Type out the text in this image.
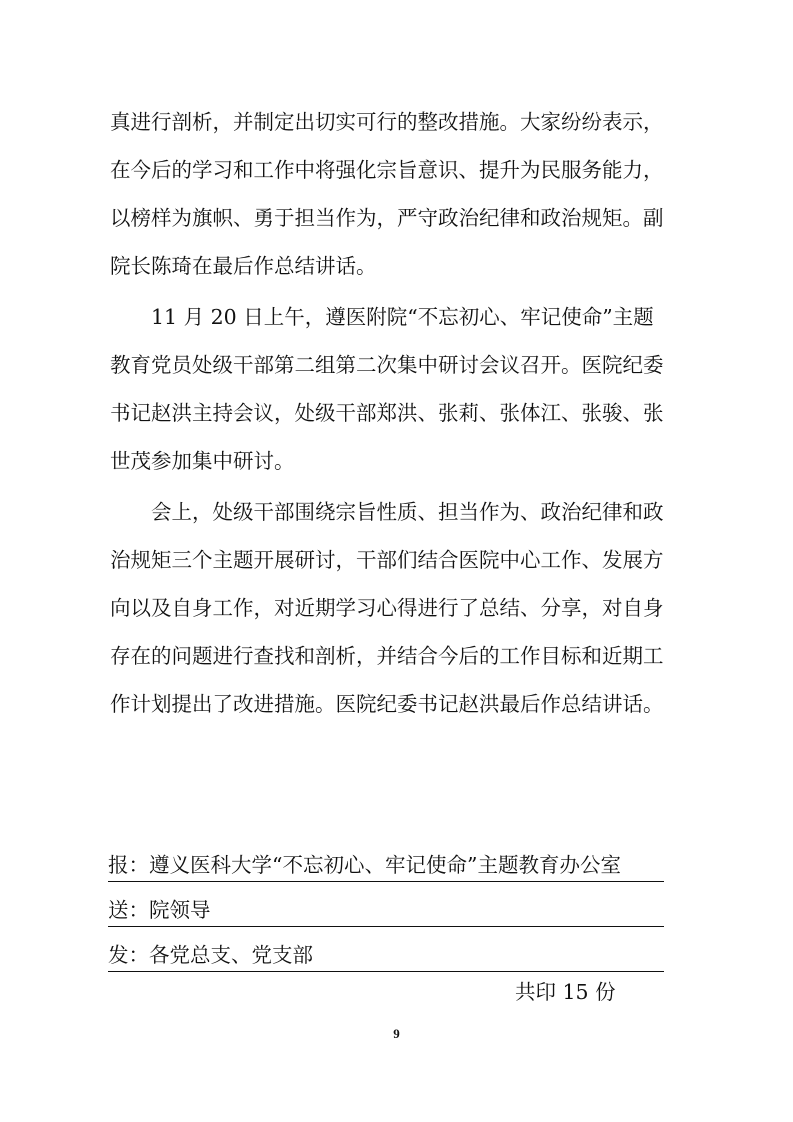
真进行剖析，并制定出切实可行的整改措施。大家纷纷表示，
在今后的学习和工作中将强化宗旨意识、提升为民服务能力，
以榜样为旗帜、勇于担当作为，严守政治纪律和政治规矩。副
院长陈琦在最后作总结讲话。
　　11 月 20 日上午，遵医附院“不忘初心、牢记使命”主题
教育党员处级干部第二组第二次集中研讨会议召开。医院纪委
书记赵洪主持会议，处级干部郑洪、张莉、张体江、张骏、张
世茂参加集中研讨。
　　会上，处级干部围绕宗旨性质、担当作为、政治纪律和政
治规矩三个主题开展研讨，干部们结合医院中心工作、发展方
向以及自身工作，对近期学习心得进行了总结、分享，对自身
存在的问题进行查找和剖析，并结合今后的工作目标和近期工
作计划提出了改进措施。医院纪委书记赵洪最后作总结讲话。
报：遵义医科大学“不忘初心、牢记使命”主题教育办公室
送：院领导
发：各党总支、党支部
共印 15 份
9
